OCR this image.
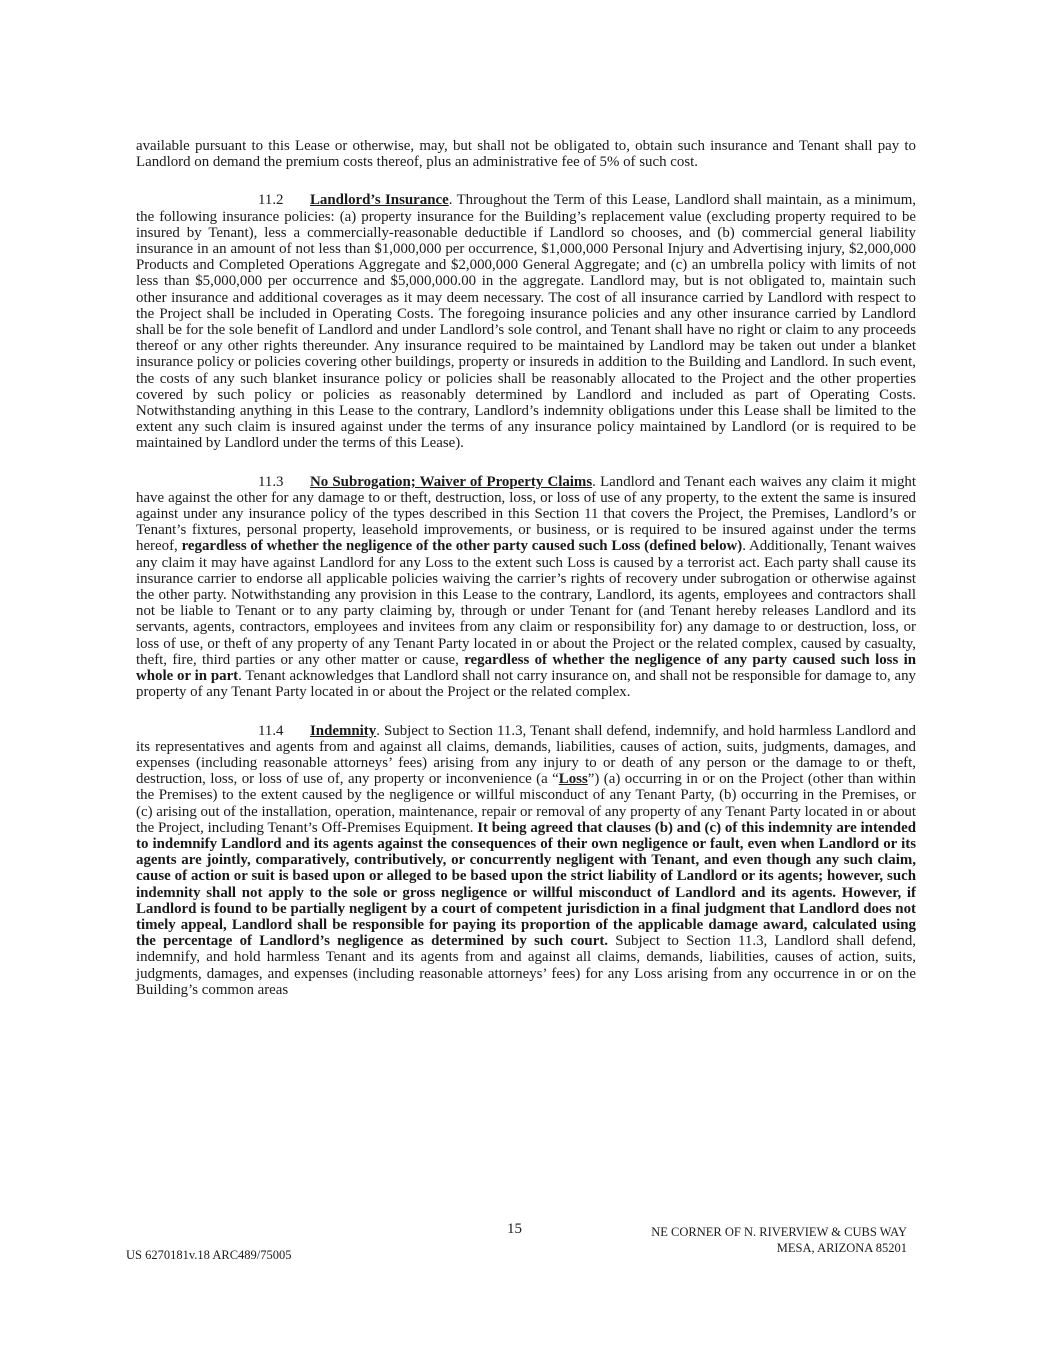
available pursuant to this Lease or otherwise, may, but shall not be obligated to, obtain such insurance and Tenant shall pay to Landlord on demand the premium costs thereof, plus an administrative fee of 5% of such cost.

11.2 Landlord’s Insurance. Throughout the Term of this Lease, Landlord shall maintain, as a minimum, the following insurance policies: (a) property insurance for the Building’s replacement value (excluding property required to be insured by Tenant), less a commercially-reasonable deductible if Landlord so chooses, and (b) commercial general liability insurance in an amount of not less than $1,000,000 per occurrence, $1,000,000 Personal Injury and Advertising injury, $2,000,000 Products and Completed Operations Aggregate and $2,000,000 General Aggregate; and (c) an umbrella policy with limits of not less than $5,000,000 per occurrence and $5,000,000.00 in the aggregate. Landlord may, but is not obligated to, maintain such other insurance and additional coverages as it may deem necessary. The cost of all insurance carried by Landlord with respect to the Project shall be included in Operating Costs. The foregoing insurance policies and any other insurance carried by Landlord shall be for the sole benefit of Landlord and under Landlord’s sole control, and Tenant shall have no right or claim to any proceeds thereof or any other rights thereunder. Any insurance required to be maintained by Landlord may be taken out under a blanket insurance policy or policies covering other buildings, property or insureds in addition to the Building and Landlord. In such event, the costs of any such blanket insurance policy or policies shall be reasonably allocated to the Project and the other properties covered by such policy or policies as reasonably determined by Landlord and included as part of Operating Costs. Notwithstanding anything in this Lease to the contrary, Landlord’s indemnity obligations under this Lease shall be limited to the extent any such claim is insured against under the terms of any insurance policy maintained by Landlord (or is required to be maintained by Landlord under the terms of this Lease).

11.3 No Subrogation; Waiver of Property Claims. Landlord and Tenant each waives any claim it might have against the other for any damage to or theft, destruction, loss, or loss of use of any property, to the extent the same is insured against under any insurance policy of the types described in this Section 11 that covers the Project, the Premises, Landlord’s or Tenant’s fixtures, personal property, leasehold improvements, or business, or is required to be insured against under the terms hereof, regardless of whether the negligence of the other party caused such Loss (defined below). Additionally, Tenant waives any claim it may have against Landlord for any Loss to the extent such Loss is caused by a terrorist act. Each party shall cause its insurance carrier to endorse all applicable policies waiving the carrier’s rights of recovery under subrogation or otherwise against the other party. Notwithstanding any provision in this Lease to the contrary, Landlord, its agents, employees and contractors shall not be liable to Tenant or to any party claiming by, through or under Tenant for (and Tenant hereby releases Landlord and its servants, agents, contractors, employees and invitees from any claim or responsibility for) any damage to or destruction, loss, or loss of use, or theft of any property of any Tenant Party located in or about the Project or the related complex, caused by casualty, theft, fire, third parties or any other matter or cause, regardless of whether the negligence of any party caused such loss in whole or in part. Tenant acknowledges that Landlord shall not carry insurance on, and shall not be responsible for damage to, any property of any Tenant Party located in or about the Project or the related complex.

11.4 Indemnity. Subject to Section 11.3, Tenant shall defend, indemnify, and hold harmless Landlord and its representatives and agents from and against all claims, demands, liabilities, causes of action, suits, judgments, damages, and expenses (including reasonable attorneys’ fees) arising from any injury to or death of any person or the damage to or theft, destruction, loss, or loss of use of, any property or inconvenience (a “Loss”) (a) occurring in or on the Project (other than within the Premises) to the extent caused by the negligence or willful misconduct of any Tenant Party, (b) occurring in the Premises, or (c) arising out of the installation, operation, maintenance, repair or removal of any property of any Tenant Party located in or about the Project, including Tenant’s Off-Premises Equipment. It being agreed that clauses (b) and (c) of this indemnity are intended to indemnify Landlord and its agents against the consequences of their own negligence or fault, even when Landlord or its agents are jointly, comparatively, contributively, or concurrently negligent with Tenant, and even though any such claim, cause of action or suit is based upon or alleged to be based upon the strict liability of Landlord or its agents; however, such indemnity shall not apply to the sole or gross negligence or willful misconduct of Landlord and its agents. However, if Landlord is found to be partially negligent by a court of competent jurisdiction in a final judgment that Landlord does not timely appeal, Landlord shall be responsible for paying its proportion of the applicable damage award, calculated using the percentage of Landlord’s negligence as determined by such court. Subject to Section 11.3, Landlord shall defend, indemnify, and hold harmless Tenant and its agents from and against all claims, demands, liabilities, causes of action, suits, judgments, damages, and expenses (including reasonable attorneys’ fees) for any Loss arising from any occurrence in or on the Building’s common areas

15	NE CORNER OF N. RIVERVIEW & CUBS WAY
MESA, ARIZONA 85201
US 6270181v.18 ARC489/75005
